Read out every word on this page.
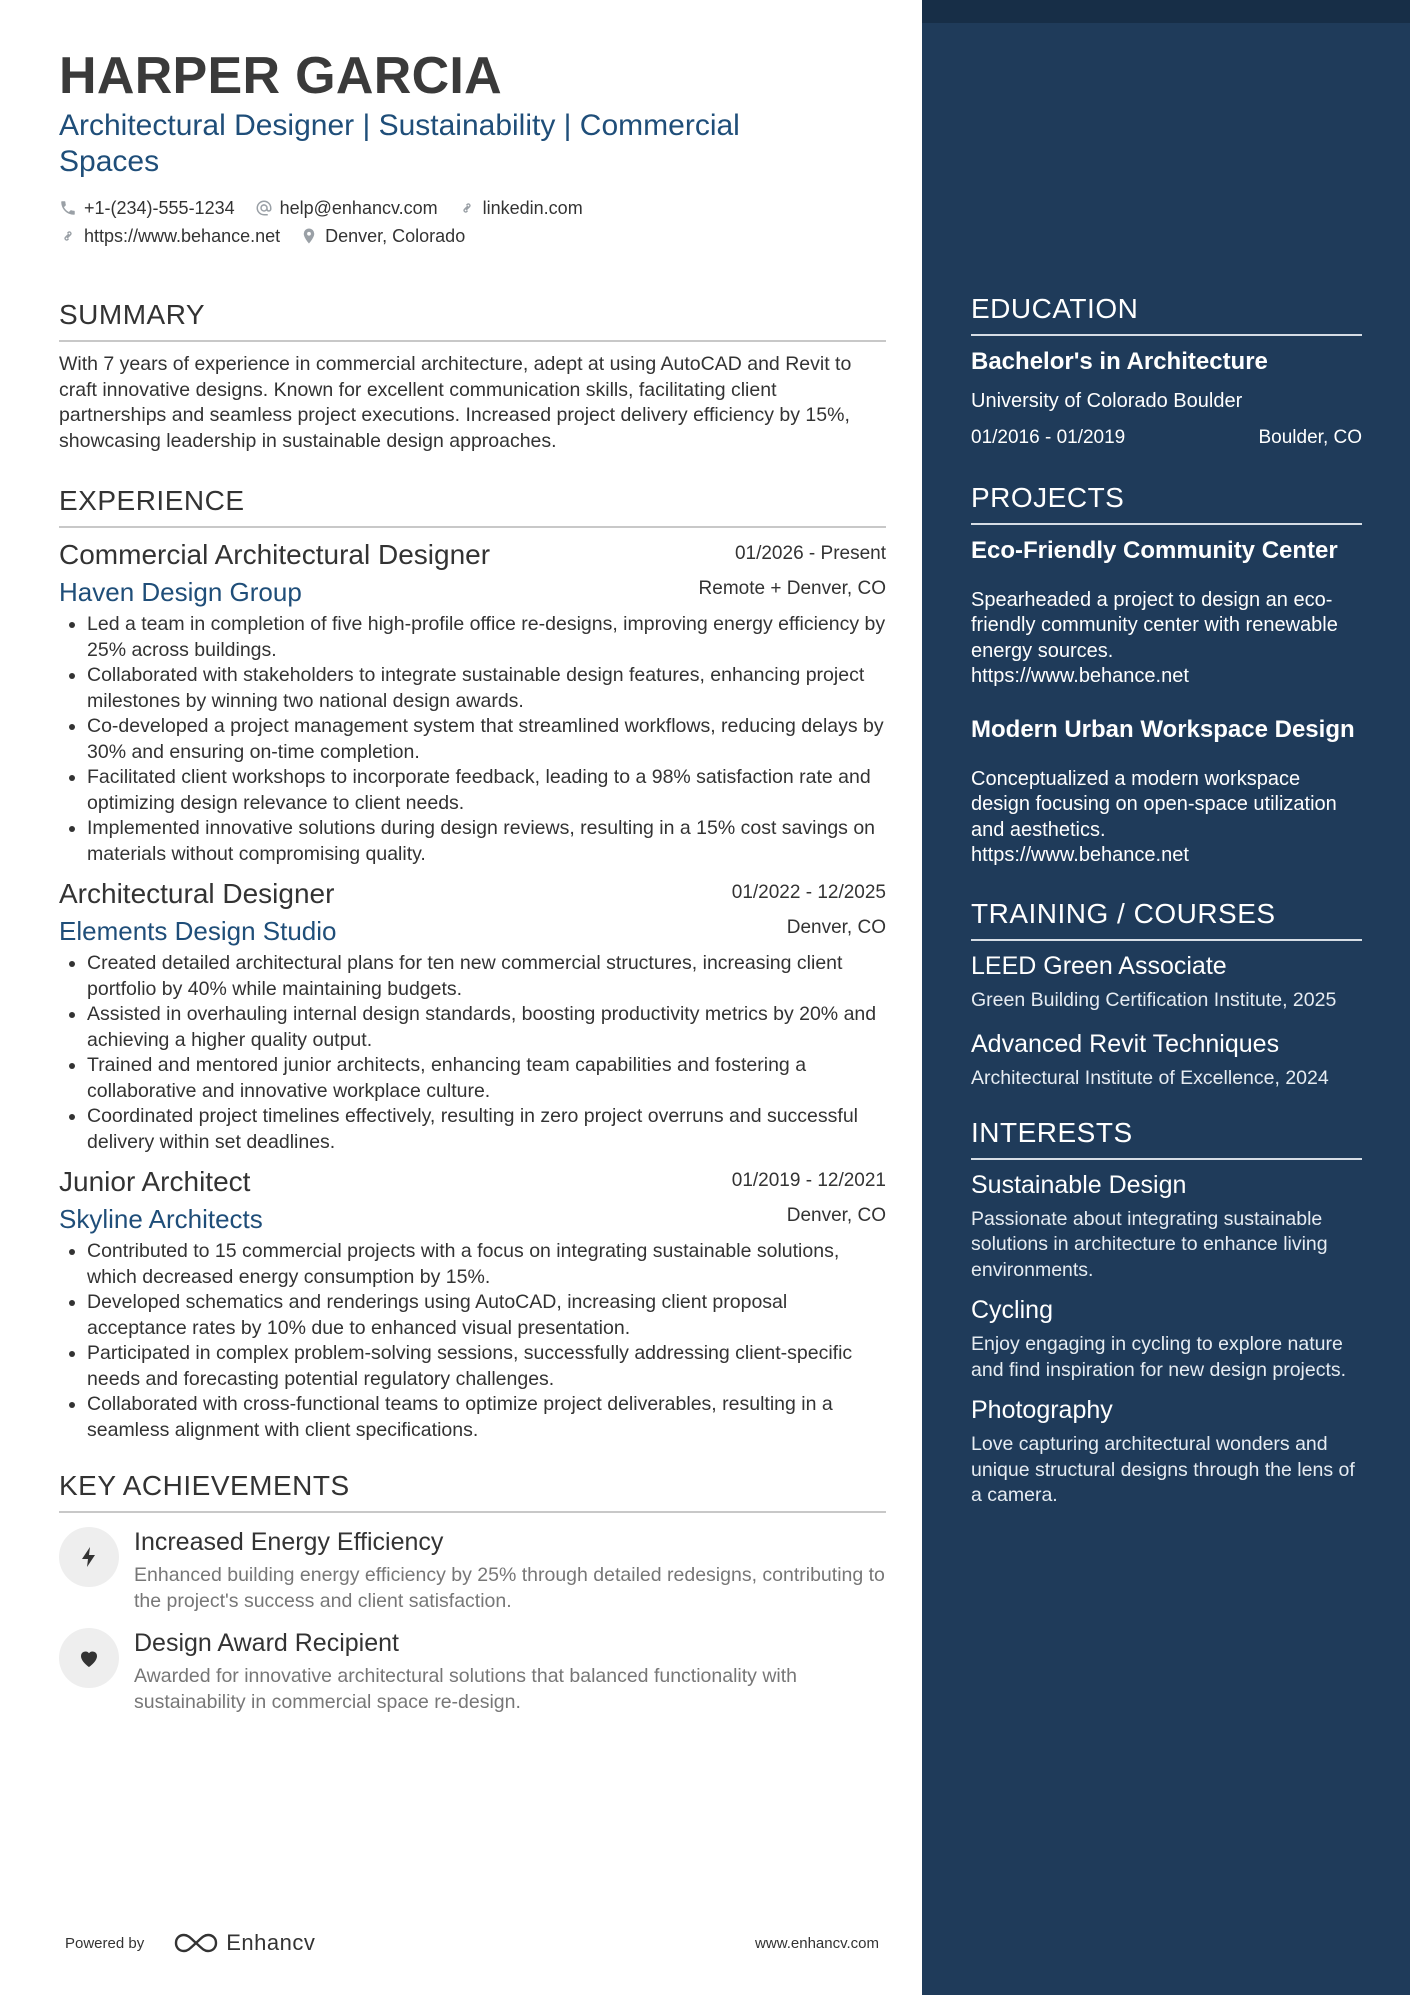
HARPER GARCIA
Architectural Designer | Sustainability | Commercial Spaces
+1-(234)-555-1234	help@enhancv.com	linkedin.com
https://www.behance.net	Denver, Colorado
SUMMARY
With 7 years of experience in commercial architecture, adept at using AutoCAD and Revit to craft innovative designs. Known for excellent communication skills, facilitating client partnerships and seamless project executions. Increased project delivery efficiency by 15%, showcasing leadership in sustainable design approaches.
EXPERIENCE
Commercial Architectural Designer	01/2026 - Present
Haven Design Group	Remote + Denver, CO
• Led a team in completion of five high-profile office re-designs, improving energy efficiency by 25% across buildings.
• Collaborated with stakeholders to integrate sustainable design features, enhancing project milestones by winning two national design awards.
• Co-developed a project management system that streamlined workflows, reducing delays by 30% and ensuring on-time completion.
• Facilitated client workshops to incorporate feedback, leading to a 98% satisfaction rate and optimizing design relevance to client needs.
• Implemented innovative solutions during design reviews, resulting in a 15% cost savings on materials without compromising quality.
Architectural Designer	01/2022 - 12/2025
Elements Design Studio	Denver, CO
• Created detailed architectural plans for ten new commercial structures, increasing client portfolio by 40% while maintaining budgets.
• Assisted in overhauling internal design standards, boosting productivity metrics by 20% and achieving a higher quality output.
• Trained and mentored junior architects, enhancing team capabilities and fostering a collaborative and innovative workplace culture.
• Coordinated project timelines effectively, resulting in zero project overruns and successful delivery within set deadlines.
Junior Architect	01/2019 - 12/2021
Skyline Architects	Denver, CO
• Contributed to 15 commercial projects with a focus on integrating sustainable solutions, which decreased energy consumption by 15%.
• Developed schematics and renderings using AutoCAD, increasing client proposal acceptance rates by 10% due to enhanced visual presentation.
• Participated in complex problem-solving sessions, successfully addressing client-specific needs and forecasting potential regulatory challenges.
• Collaborated with cross-functional teams to optimize project deliverables, resulting in a seamless alignment with client specifications.
KEY ACHIEVEMENTS
Increased Energy Efficiency
Enhanced building energy efficiency by 25% through detailed redesigns, contributing to the project's success and client satisfaction.
Design Award Recipient
Awarded for innovative architectural solutions that balanced functionality with sustainability in commercial space re-design.
Powered by	Enhancv	www.enhancv.com
EDUCATION
Bachelor's in Architecture
University of Colorado Boulder
01/2016 - 01/2019	Boulder, CO
PROJECTS
Eco-Friendly Community Center
Spearheaded a project to design an eco-friendly community center with renewable energy sources.
https://www.behance.net
Modern Urban Workspace Design
Conceptualized a modern workspace design focusing on open-space utilization and aesthetics.
https://www.behance.net
TRAINING / COURSES
LEED Green Associate
Green Building Certification Institute, 2025
Advanced Revit Techniques
Architectural Institute of Excellence, 2024
INTERESTS
Sustainable Design
Passionate about integrating sustainable solutions in architecture to enhance living environments.
Cycling
Enjoy engaging in cycling to explore nature and find inspiration for new design projects.
Photography
Love capturing architectural wonders and unique structural designs through the lens of a camera.
